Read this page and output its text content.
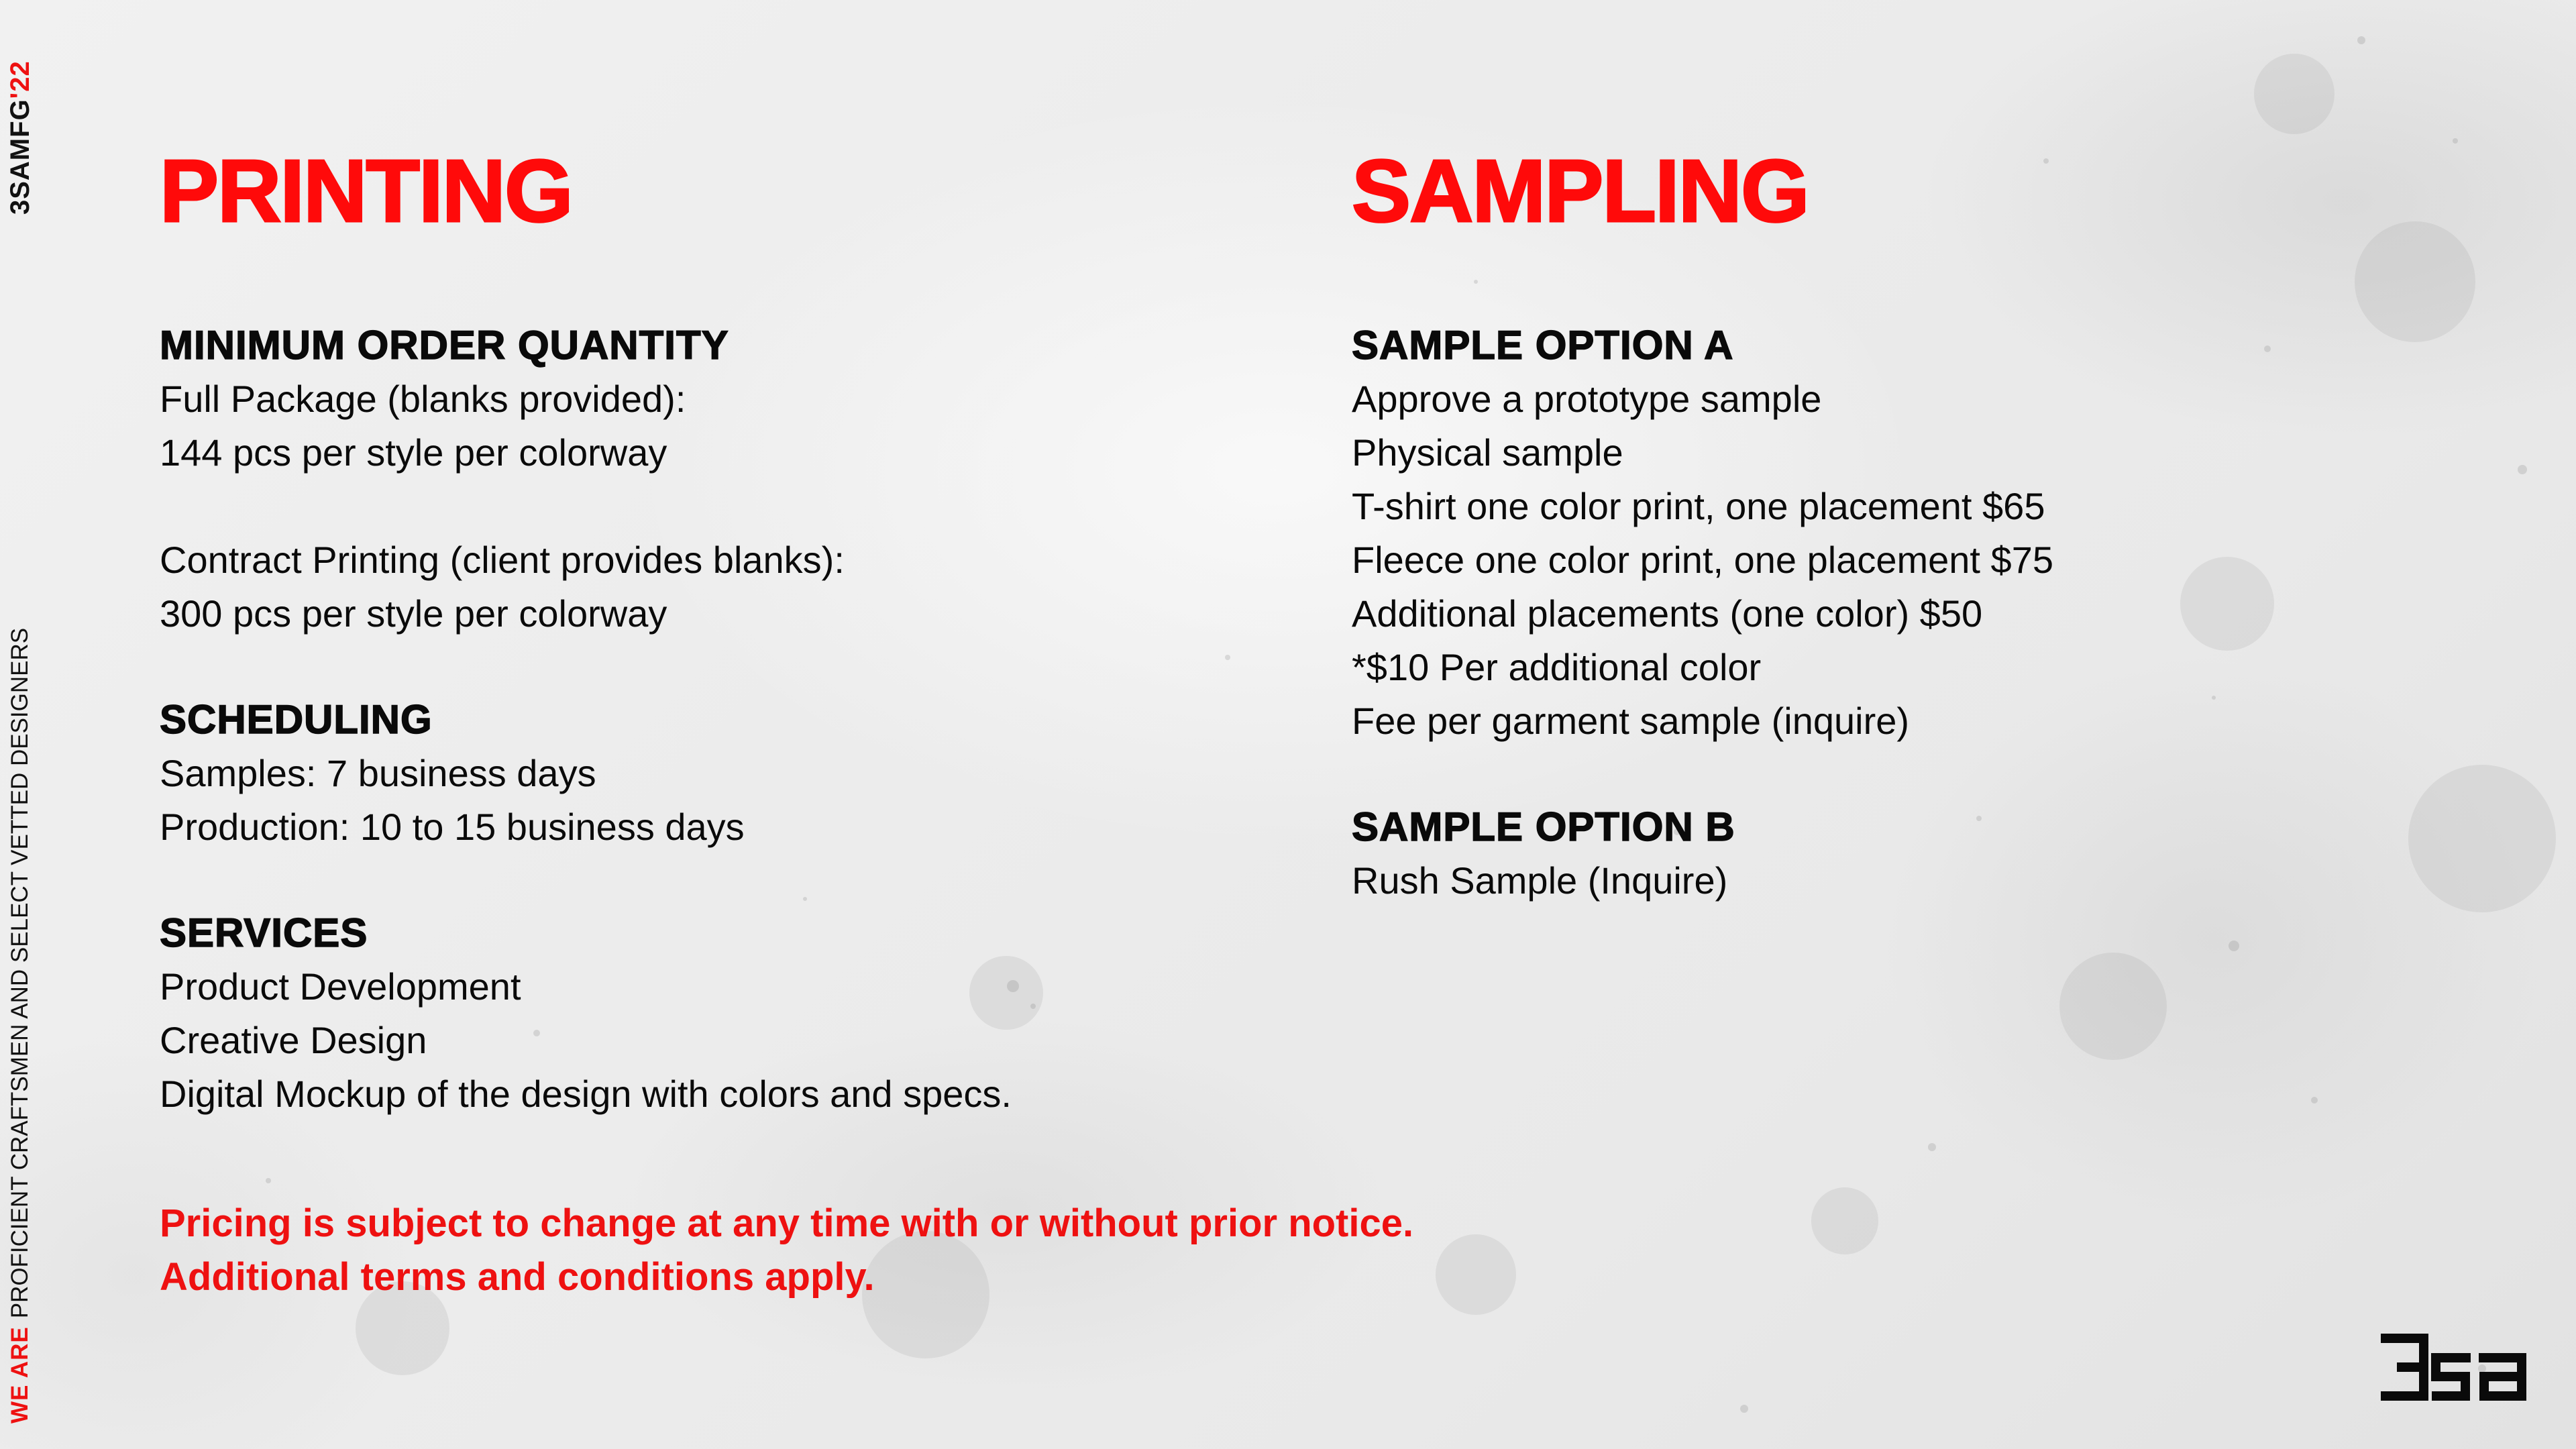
3SAMFG'22
WE AREPROFICIENT CRAFTSMEN AND SELECT VETTED DESIGNERS
PRINTING
MINIMUM ORDER QUANTITY

Full Package (blanks provided):

144 pcs per style per colorway

Contract Printing (client provides blanks):

300 pcs per style per colorway

SCHEDULING

Samples: 7 business days

Production: 10 to 15 business days

SERVICES

Product Development

Creative Design

Digital Mockup of the design with colors and specs.

SAMPLING
SAMPLE OPTION A

Approve a prototype sample

Physical sample

T-shirt one color print, one placement $65

Fleece one color print, one placement $75

Additional placements (one color) $50

*$10 Per additional color

Fee per garment sample (inquire)

SAMPLE OPTION B

Rush Sample (Inquire)

Pricing is subject to change at any time with or without prior notice.

Additional terms and conditions apply.
